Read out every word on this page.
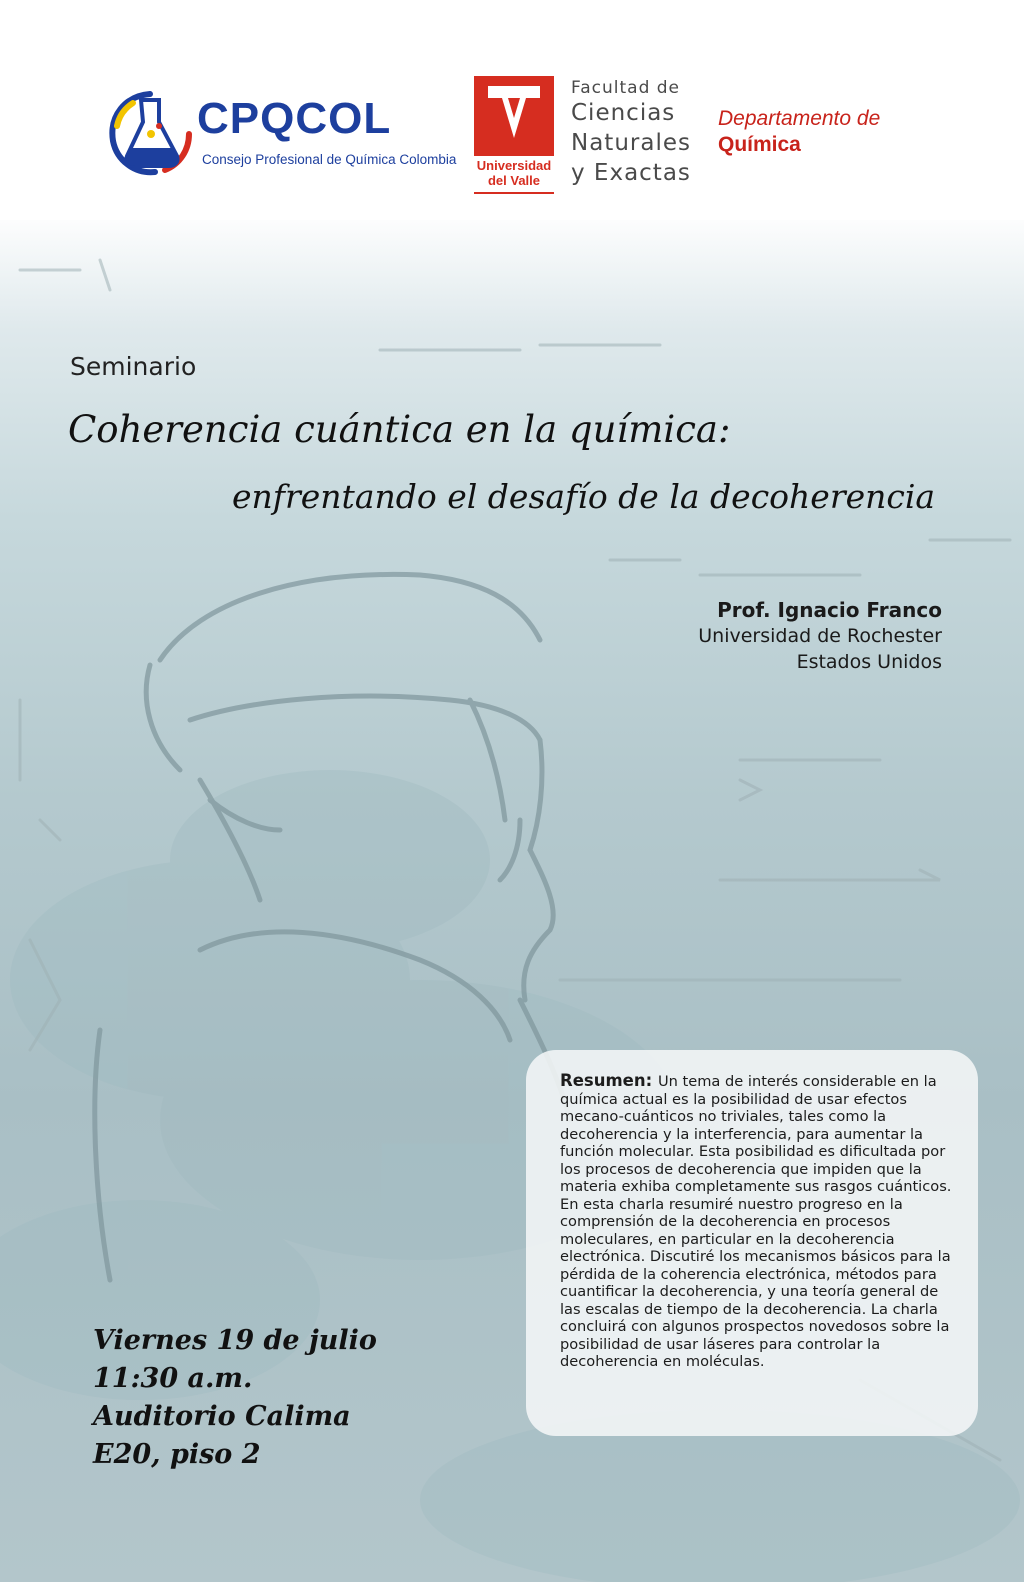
CPQCOL
Consejo Profesional de Química Colombia Universidad
del Valle
Facultad de
Ciencias
Naturales
y Exactas
Departamento de
Química
Seminario
Coherencia cuántica en la química:
enfrentando el desafío de la decoherencia
Prof. Ignacio Franco
Universidad de Rochester
Estados Unidos
Resumen: Un tema de interés considerable en la química actual es la posibilidad de usar efectos mecano-cuánticos no triviales, tales como la decoherencia y la interferencia, para aumentar la función molecular. Esta posibilidad es dificultada por los procesos de decoherencia que impiden que la materia exhiba completamente sus rasgos cuánticos. En esta charla resumiré nuestro progreso en la comprensión de la decoherencia en procesos moleculares, en particular en la decoherencia electrónica. Discutiré los mecanismos básicos para la pérdida de la coherencia electrónica, métodos para cuantificar la decoherencia, y una teoría general de las escalas de tiempo de la decoherencia. La charla concluirá con algunos prospectos novedosos sobre la posibilidad de usar láseres para controlar la decoherencia en moléculas.
Viernes 19 de julio
11:30 a.m.
Auditorio Calima
E20, piso 2
